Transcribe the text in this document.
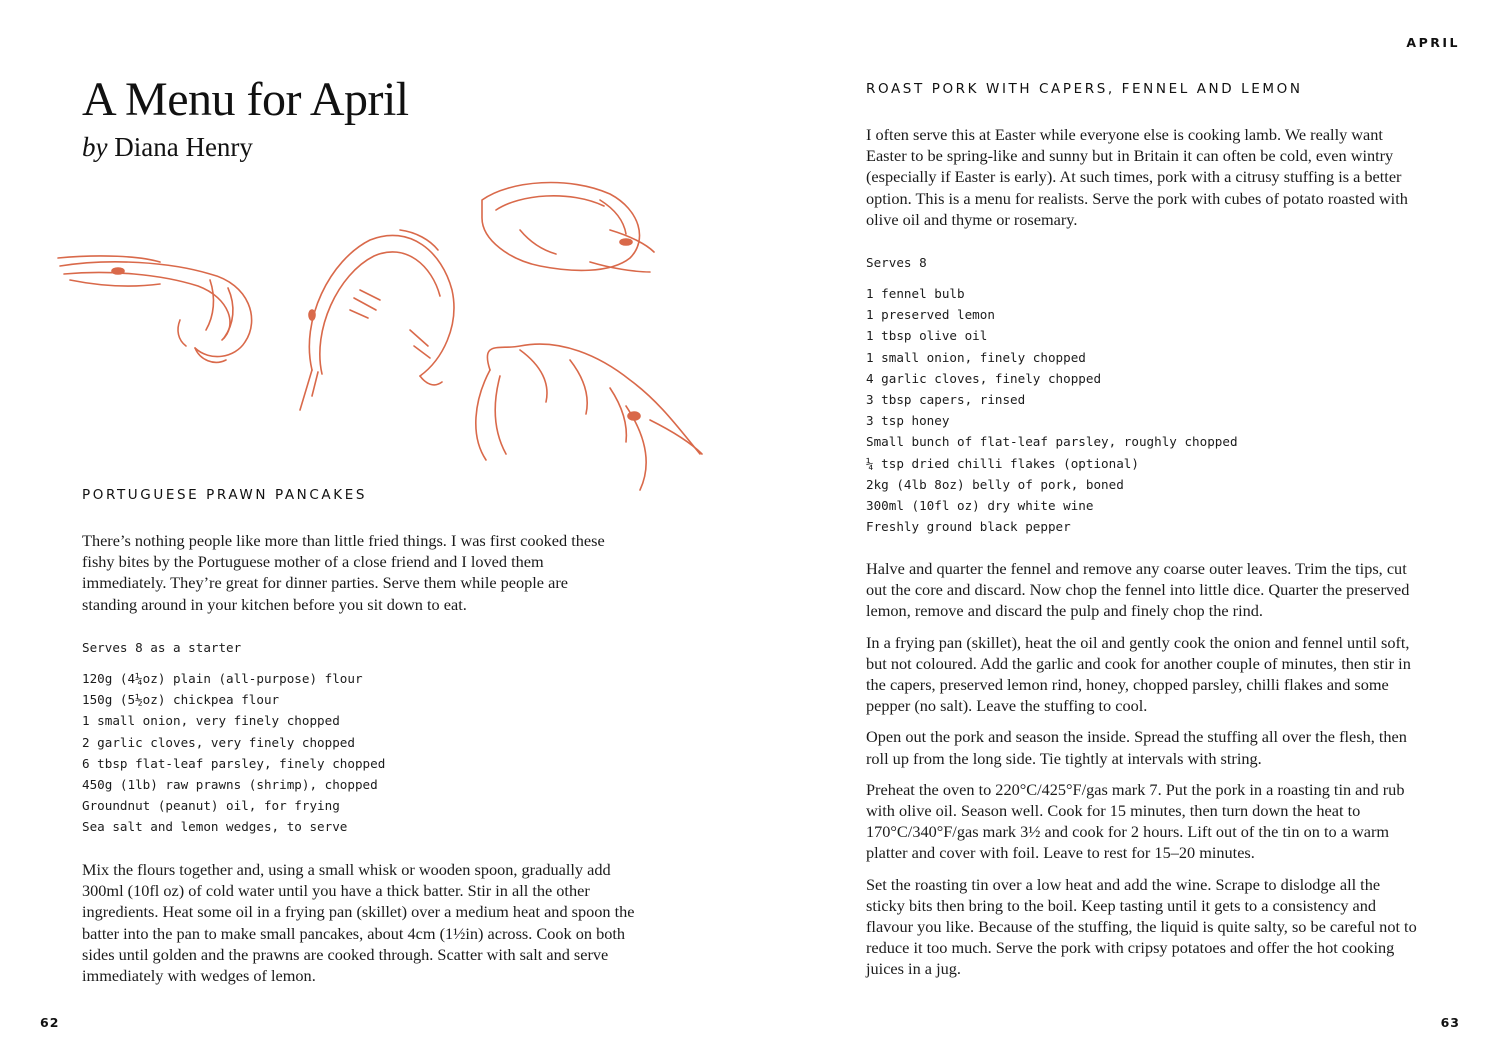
APRIL
A Menu for April
by Diana Henry
PORTUGUESE PRAWN PANCAKES

There’s nothing people like more than little fried things. I was first cooked these fishy bites by the Portuguese mother of a close friend and I loved them immediately. They’re great for dinner parties. Serve them while people are standing around in your kitchen before you sit down to eat.

Serves 8 as a starter

120g (4¼oz) plain (all-purpose) flour
150g (5½oz) chickpea flour
1 small onion, very finely chopped
2 garlic cloves, very finely chopped
6 tbsp flat-leaf parsley, finely chopped
450g (1lb) raw prawns (shrimp), chopped
Groundnut (peanut) oil, for frying
Sea salt and lemon wedges, to serve

Mix the flours together and, using a small whisk or wooden spoon, gradually add 300ml (10fl oz) of cold water until you have a thick batter. Stir in all the other ingredients. Heat some oil in a frying pan (skillet) over a medium heat and spoon the batter into the pan to make small pancakes, about 4cm (1½in) across. Cook on both sides until golden and the prawns are cooked through. Scatter with salt and serve immediately with wedges of lemon.

62
ROAST PORK WITH CAPERS, FENNEL AND LEMON

I often serve this at Easter while everyone else is cooking lamb. We really want Easter to be spring-like and sunny but in Britain it can often be cold, even wintry (especially if Easter is early). At such times, pork with a citrusy stuffing is a better option. This is a menu for realists. Serve the pork with cubes of potato roasted with olive oil and thyme or rosemary.

Serves 8

1 fennel bulb
1 preserved lemon
1 tbsp olive oil
1 small onion, finely chopped
4 garlic cloves, finely chopped
3 tbsp capers, rinsed
3 tsp honey
Small bunch of flat-leaf parsley, roughly chopped
¼ tsp dried chilli flakes (optional)
2kg (4lb 8oz) belly of pork, boned
300ml (10fl oz) dry white wine
Freshly ground black pepper

Halve and quarter the fennel and remove any coarse outer leaves. Trim the tips, cut out the core and discard. Now chop the fennel into little dice. Quarter the preserved lemon, remove and discard the pulp and finely chop the rind.

In a frying pan (skillet), heat the oil and gently cook the onion and fennel until soft, but not coloured. Add the garlic and cook for another couple of minutes, then stir in the capers, preserved lemon rind, honey, chopped parsley, chilli flakes and some pepper (no salt). Leave the stuffing to cool.

Open out the pork and season the inside. Spread the stuffing all over the flesh, then roll up from the long side. Tie tightly at intervals with string.

Preheat the oven to 220°C/425°F/gas mark 7. Put the pork in a roasting tin and rub with olive oil. Season well. Cook for 15 minutes, then turn down the heat to 170°C/340°F/gas mark 3½ and cook for 2 hours. Lift out of the tin on to a warm platter and cover with foil. Leave to rest for 15–20 minutes.

Set the roasting tin over a low heat and add the wine. Scrape to dislodge all the sticky bits then bring to the boil. Keep tasting until it gets to a consistency and flavour you like. Because of the stuffing, the liquid is quite salty, so be careful not to reduce it too much. Serve the pork with cripsy potatoes and offer the hot cooking juices in a jug.

63
